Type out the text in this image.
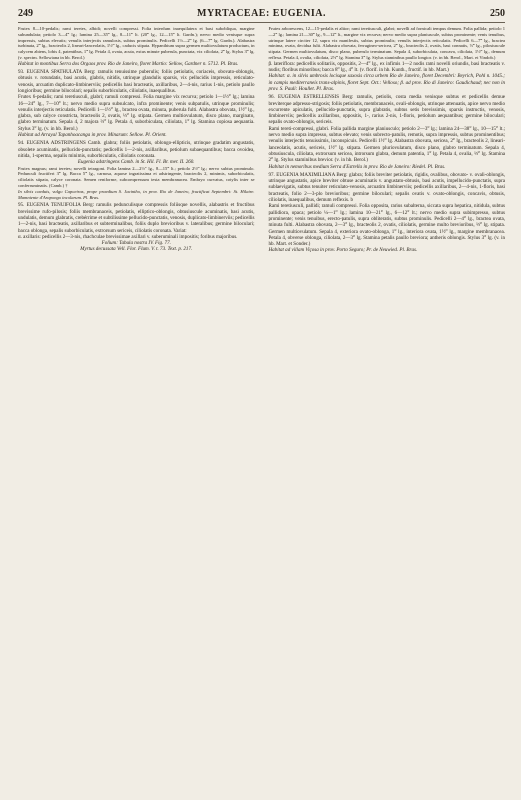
249	MYRTACEAE: EUGENIA.	250

Frutex 8—10-pedalis; rami teretes, albidi; novelli compressi. Folia interdum inaequilatera et basi subobliqua, margine subundulata; petiolo 3—4‴ lg.; lamina 25—35‴ lg., 8—11‴ lt. (20‴ lg., 12—15‴ lt. Gardn.); nervo medio venisque supra impressis, subtus elevatis; venulis interjectis ramulosis, subtus prominulis. Pedicelli 1½—2‴ lg. (6—7‴ lg. Gardn.). Alabastra turbinata, 2‴ lg., bracteolis 2, lineari-lanceolatis, 1½‴ lg., caducis stipata. Hypanthium supra germen multiovulatum productum, in calycem abiens, lobis 4, patentibus, 1‴ lg. Petala 4, ovata, acuta, extus minute puberula, punctata, vix ciliolata, 2‴ lg. Stylus 3‴ lg. (v. spectm. Sellowiana in hb. Berol.)

Habitat in montibus Serra dos Orgaos prov. Rio de Janeiro, floret Martio: Sellow, Gardner n. 5712. Pl. Bras.

93. EUGENIA SPATHULATA Berg: ramulis tenuissime puberulis; foliis petiolatis, coriaceis, obovato-oblongis, obtusis v. rotundatis, basi acutis, glabris, nitidis, utrinque glandulis sparsis, vix pellucidis impressis, reticulato-venosis, arcuatim duplicato-limbinerviis; pedicellis basi bracteatis, axillaribus, 2—4-nis, rarius 1-nis, petiolo paullo longioribus; germine bilocolari; sepalis suborbiculatis, ciliolatis, inaequalibus.

Frutex 6-pedalis; rami teretiusculi, glabri; ramuli compressi. Folia margine vix recurva; petiolo 1—1½‴ lg.; lamina 16—24‴ lg., 7—10‴ lt.; nervo medio supra subsulcato, infra prominente; venis subpatulis, utrinque prominulis; venulis interjectis reticulatis. Pedicelli 1—1½‴ lg., bractea ovata, minuta, puberula fulti. Alabastra obovata, 1½‴ lg., glabra, sub calyce constricta, bracteolis 2, ovatis, ⅓‴ lg. stipata. Germen multiovulatum, disco plano, marginato, glabro terminatum. Sepala 4, 2 majora ⅔‴ lg. Petala 4, suborbiculata, ciliolata, 1‴ lg. Stamina copiosa aequantia. Stylus 3‴ lg. (v. in hb. Berol.)

Habitat ad Arrayal Tapanhoacanga in prov. Minarum: Sellow. Pl. Orient.

94. EUGENIA ADSTRINGENS Camb. glabra; foliis petiolatis, oblongo-ellipticis, utrinque gradatim angustatis, obsolete acuminatis, pellucido-punctatis; pedicellis 1—2-nis, axillaribus, petiolum subaequantibus; bacca ovoidea, nitida, 1-sperma, sepalis minimis, suborbiculatis, ciliolatis coronata.

Eugenia adstringens Camb. in St. Hil. Fl. Br. mer. II. 260.

Frutex magnus; rami teretes; novelli tetragoni. Folia lamina 2—2½″ lg., 8—15‴ lt.; petiolo 2½‴ lg.; nervo subtus prominulo. Pedunculi fructiferi 3‴ lg. Bacca 5‴ lg., carnosa, aquose ingratissima et adstringente, bracteolis 2, minimis, suborbiculatis, ciliolatis stipata, calyce coronata. Semen reniforme, subcompressum testa membranacea. Embryo curvatus, cotylis inter se conferruminatis. (Camb.) †

In silvis caeduis, vulgo Capoeiras, prope praedium S. Jacintho, in prov. Rio de Janeiro, fructificat Septembri: St. Hilaire. Mamniente d'Arapongo incolarum. Pl. Bras.

95. EUGENIA TENUIFOLIA Berg: ramulis pedunculisque compressis foliisque novellis, alabastris et fructibus brevissime rufo-pilosis; foliis membranaceis, petiolatis, elliptico-oblongis, obtusiuscule acuminatis, basi acutis, undulatis, demum glabratis, crebérrime et subtilissime pellucido-punctatis, venosis, duplicato-limbinerviis; pedicellis 1—2-nis, basi bracteatis, axillaribus et subterminalibus, foliis duplo brevioribus v. lateralibus; germine biloculari; bacca oblonga, sepalis suborbiculatis, extrorsum sericeis, ciliolatis coronata. Variat:

α. axillaris: pedicellis 2—3-nis, rhachculae brevissimae axillari v. suberuminali impositis; foribus majoribus.

Folium: Tabula nostra IV. Fig. 77.

Myrtus decussata Vell. Flor. Flum. V. t. 73. Text. p. 217.

Frutex arborescens, 12—15-pedalis et altior; rami teretiusculi, glabri; novelli ad fornicali tempus demum. Folia pallida; petiolo 1—2‴ lg.; lamina 21—30‴ lg., 9—12‴ lt., margine vix recurva; nervo medio supra planiuscule, subtus prominente; venis tenuibus, utrinque latere circiter 12, supra vix manifestis, subtus prominulis; venulis interjectis reticulatis. Pedicelli 6—7‴ lg., bractea minima, ovata, decidua fulti. Alabastra obovata, ferrugineo-sericea, 2‴ lg., bracteolis 2, ovatis, basi connatis, ⅓‴ lg., pilosiuscule stipata. Germen multiovulatum, disco plano, puberulo terminatum. Sepala 4, suborbiculata, concava, ciliolata, 1½‴ lg., demum reflexa. Petala 4, ovalia, ciliolata, 2½‴ lg. Stamina 3‴ lg. Stylus staminibus paullo longior. (v. in hb. Berol., Mart. et Vindob.)

β. lateriflora: pedicellis solitariis, oppositis, 2—4‴ lg., ex infimis 1—2 nodis rami novelli oriundis, basi bracteatis v. nudis; floribus minoribus; bacca 8‴ lg., 4‴ lt. (v. florif. in hb. Kunth., fructif. in hb. Mart.)

Habitat: α. in silvis umbrosis locisque saxosis circa urbem Rio de Janeiro, floret Decembri: Beyrich, Pohl n. 1045.; in campis mediterraneis trans-alpinis, floret Sept. Oct.: Velloso; β. ad prov. Rio di Janeiro: Gaudichaud; nec non in prov. S. Pauli: Houllet. Pl. Bras.

96. EUGENIA ESTRELLENSIS Berg: ramulis, petiolis, costa media venisque subtus et pedicellis demue breviterque adpresso-strigosis; foliis petiolatis, membranaceis, ovali-oblongis, utrinque attenuatis, apice nervo medio excurrente apiculatis, pellucido-punctatis, supra glabratis, subtus setis brevissimis, sparsis instructis, venosis, limbinerviis; pedicellis axillaribus, oppositis, 1-, rarius 2-nis, 1-floris, petiolum aequantibus; germine biloculari; sepalis ovato-oblongis, sericeis.

Rami tereti-compressi, glabri. Folia pallida margine planiusculo; petiolo 2—3‴ lg.; lamina 24—38‴ lg., 10—15‴ lt.; nervo medio supra impresso, subtus elevato; venis subrecto-patulis, remotis, supra impressis, subtus prominentibus; venulis interjectis tenuissimis, inconspicuis. Pedicelli 1½‴ lg. Alabastra obovata, sericea, 2‴ lg., bracteolis 2, lineari-lanceolatis, acutis, sericeis, 1½‴ lg. stipata. Germen pluriovulatum, disco plano, glabro terminatum. Sepala 4, obtusiuscula, ciliolata, extrorsum sericea, introrsum glabra, demum patentia, 1‴ lg. Petala 4, ovalia, ⅓‴ lg. Stamina 2‴ lg. Stylus staminibus brevior. (v. in hb. Berol.)

Habitat in nemoribus medium Serra d'Estrella in prov. Rio de Janeiro: Riedel. Pl. Bras.

97. EUGENIA MAXIMILIANA Berg: glabra; foliis breviter petiolatis, rigidis, ovalibus, obovato- v. ovali-oblongis, utrinque angustatis, apice breviter obtuse acuminatis v. angustato-obtusis, basi acutis, impellucido-punctatis, supra sublaevigatis, subtus tenuiter reticulato-venosis, arcuatim limbinerviis; pedicellis axillaribus, 2—4-nis, 1-floris, basi bracteatis, folio 2—3-plo brevioribus; germine biloculari; sepalis ovatis v. ovato-oblongis, concavis, obtusis, ciliolatis, inaequalibus, demum reflexis. b

Rami teretiusculi, pallidi; ramuli compressi. Folia opposita, rarius subalterna, siccata supra hepatica, nitidula, subtus pallidiora, opaca; petiolo ¼—1‴ lg.; lamina 10—21‴ lg., 6—12‴ lt.; nervo medio supra subimpresso, subtus prominente; venis tenuibus, erecto-patulis, supra obliteratis, subtus prominulis. Pedicelli 2—4‴ lg., bractea ovata, minuta fulti. Alabastra obovata, 2—3‴ lg., bracteolis 2, ovatis, ciliolatis, germine multo brevioribus, ⅓‴ lg. stipata. Germen multiovulatum. Sepala 4, exteriora ovato-oblonga, 1‴ lg., interiora ovata, 1½‴ lg., margine membranacea. Petala 4, obverse oblonga, ciliolata, 2—3‴ lg. Stamina petalis paullo breviora; antheris oblongis. Stylus 3‴ lg. (v. in hb. Mart. et Sonder.)

Habitat ad villam Viçosa in prov. Porto Seguro; Pr. de Neuwied. Pl. Bras.
